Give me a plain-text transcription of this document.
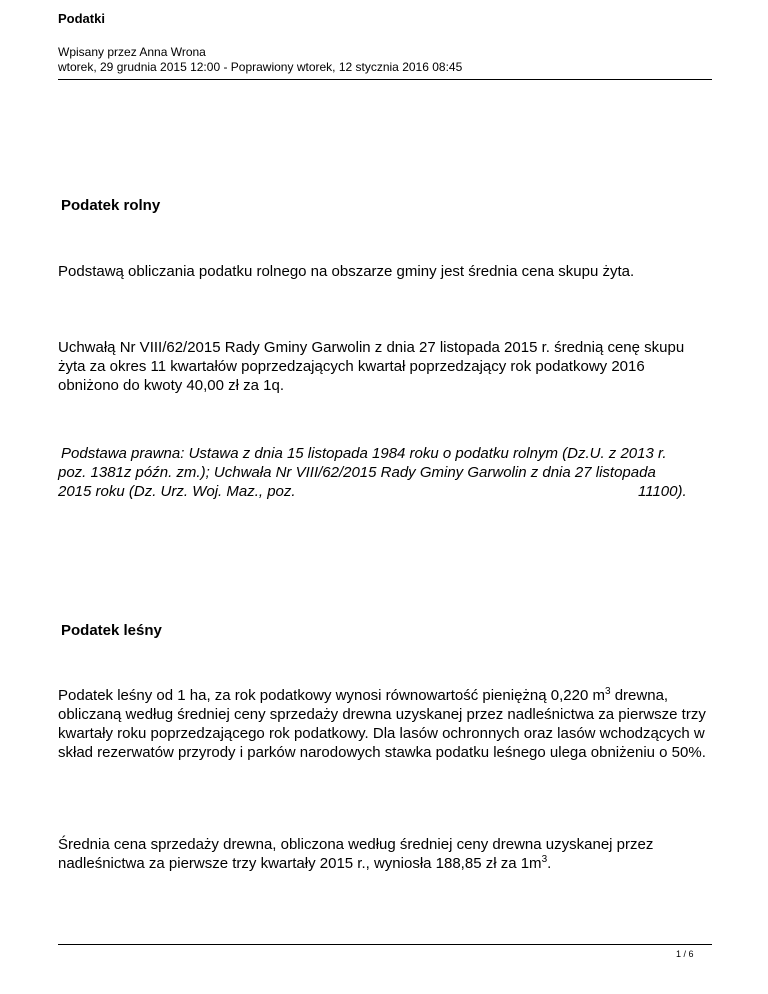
Podatki

Wpisany przez Anna Wrona

wtorek, 29 grudnia 2015 12:00 - Poprawiony wtorek, 12 stycznia 2016 08:45

Podatek rolny

Podstawą obliczania podatku rolnego na obszarze gminy jest średnia cena skupu żyta.

Uchwałą Nr VIII/62/2015 Rady Gminy Garwolin z dnia 27 listopada 2015 r. średnią cenę skupu żyta za okres 11 kwartałów poprzedzających kwartał poprzedzający rok podatkowy 2016 obniżono do kwoty 40,00 zł za 1q.

Podstawa prawna: Ustawa z dnia 15 listopada 1984 roku o podatku rolnym (Dz.U. z 2013 r.
poz. 1381z późn. zm.); Uchwała Nr VIII/62/2015 Rady Gminy Garwolin z dnia 27 listopada
2015 roku (Dz. Urz. Woj. Maz., poz.	11100).

Podatek leśny

Podatek leśny od 1 ha, za rok podatkowy wynosi równowartość pieniężną 0,220 $m^3$ drewna, obliczaną według średniej ceny sprzedaży drewna uzyskanej przez nadleśnictwa za pierwsze trzy kwartały roku poprzedzającego rok podatkowy. Dla lasów ochronnych oraz lasów wchodzących w skład rezerwatów przyrody i parków narodowych stawka podatku leśnego ulega obniżeniu o 50%.

Średnia cena sprzedaży drewna, obliczona według średniej ceny drewna uzyskanej przez nadleśnictwa za pierwsze trzy kwartały 2015 r., wyniosła 188,85 zł za $1m^3$.

1 / 6
